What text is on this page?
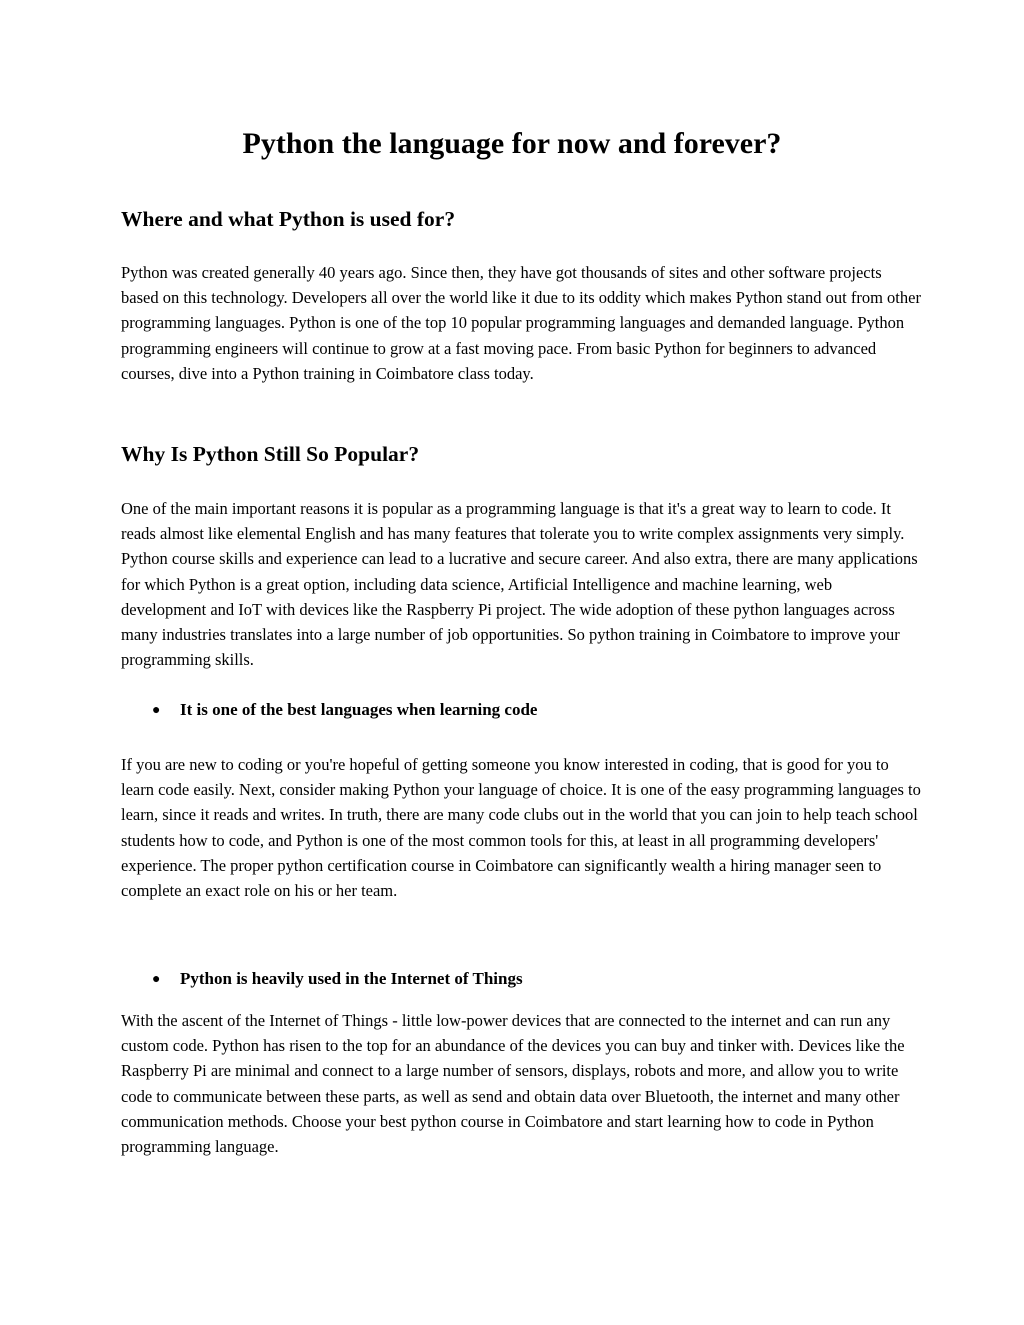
Python the language for now and forever?
Where and what Python is used for?

Python was created generally 40 years ago. Since then, they have got thousands of sites and other software projects based on this technology. Developers all over the world like it due to its oddity which makes Python stand out from other programming languages. Python is one of the top 10 popular programming languages and demanded language. Python programming engineers will continue to grow at a fast moving pace. From basic Python for beginners to advanced courses, dive into a Python training in Coimbatore class today.

Why Is Python Still So Popular?

One of the main important reasons it is popular as a programming language is that it's a great way to learn to code. It reads almost like elemental English and has many features that tolerate you to write complex assignments very simply. Python course skills and experience can lead to a lucrative and secure career. And also extra, there are many applications for which Python is a great option, including data science, Artificial Intelligence and machine learning, web development and IoT with devices like the Raspberry Pi project. The wide adoption of these python languages across many industries translates into a large number of job opportunities. So python training in Coimbatore to improve your programming skills.

● It is one of the best languages when learning code

If you are new to coding or you're hopeful of getting someone you know interested in coding, that is good for you to learn code easily. Next, consider making Python your language of choice. It is one of the easy programming languages to learn, since it reads and writes. In truth, there are many code clubs out in the world that you can join to help teach school students how to code, and Python is one of the most common tools for this, at least in all programming developers' experience. The proper python certification course in Coimbatore can significantly wealth a hiring manager seen to complete an exact role on his or her team.

● Python is heavily used in the Internet of Things

With the ascent of the Internet of Things - little low-power devices that are connected to the internet and can run any custom code. Python has risen to the top for an abundance of the devices you can buy and tinker with. Devices like the Raspberry Pi are minimal and connect to a large number of sensors, displays, robots and more, and allow you to write code to communicate between these parts, as well as send and obtain data over Bluetooth, the internet and many other communication methods. Choose your best python course in Coimbatore and start learning how to code in Python programming language.
